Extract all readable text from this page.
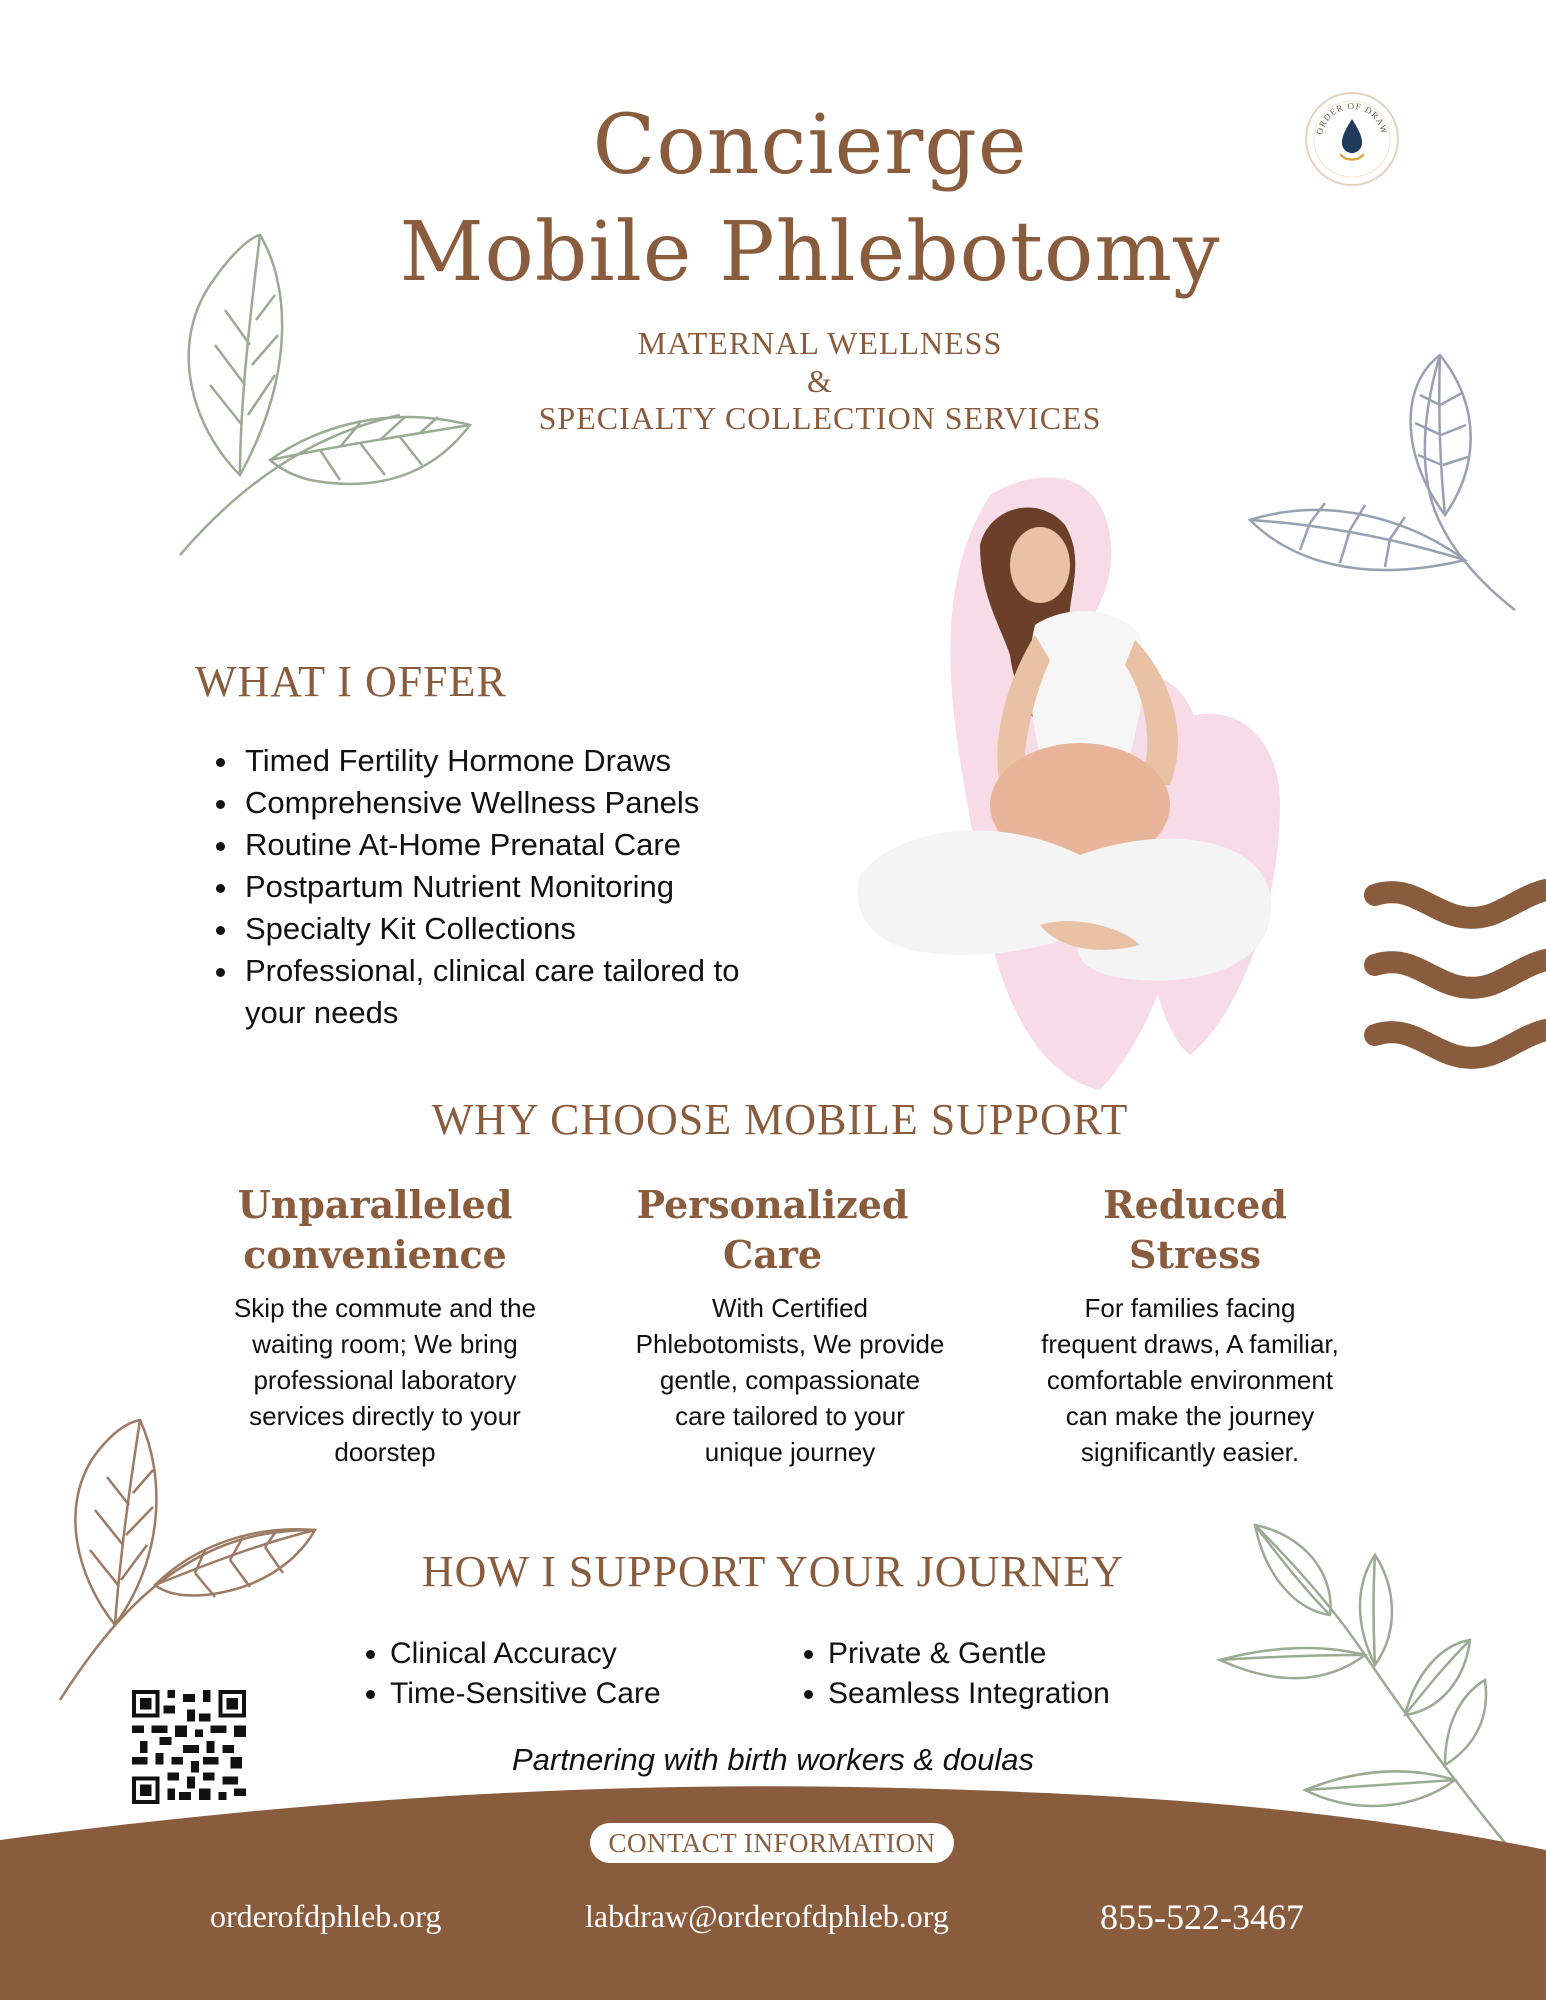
ORDER OF DRAW
Concierge
Mobile Phlebotomy
MATERNAL WELLNESS
&
SPECIALTY COLLECTION SERVICES
WHAT I OFFER
• Timed Fertility Hormone Draws
• Comprehensive Wellness Panels
• Routine At-Home Prenatal Care
• Postpartum Nutrient Monitoring
• Specialty Kit Collections
• Professional, clinical care tailored to your needs
WHY CHOOSE MOBILE SUPPORT
Unparalleled
convenience
Skip the commute and the
waiting room; We bring
professional laboratory
services directly to your
doorstep
Personalized
Care
With Certified
Phlebotomists, We provide
gentle, compassionate
care tailored to your
unique journey
Reduced
Stress
For families facing
frequent draws, A familiar,
comfortable environment
can make the journey
significantly easier.
HOW I SUPPORT YOUR JOURNEY
• Clinical Accuracy
• Time-Sensitive Care
• Private & Gentle
• Seamless Integration
Partnering with birth workers & doulas
CONTACT INFORMATION
orderofdphleb.org	labdraw@orderofdphleb.org	855-522-3467
